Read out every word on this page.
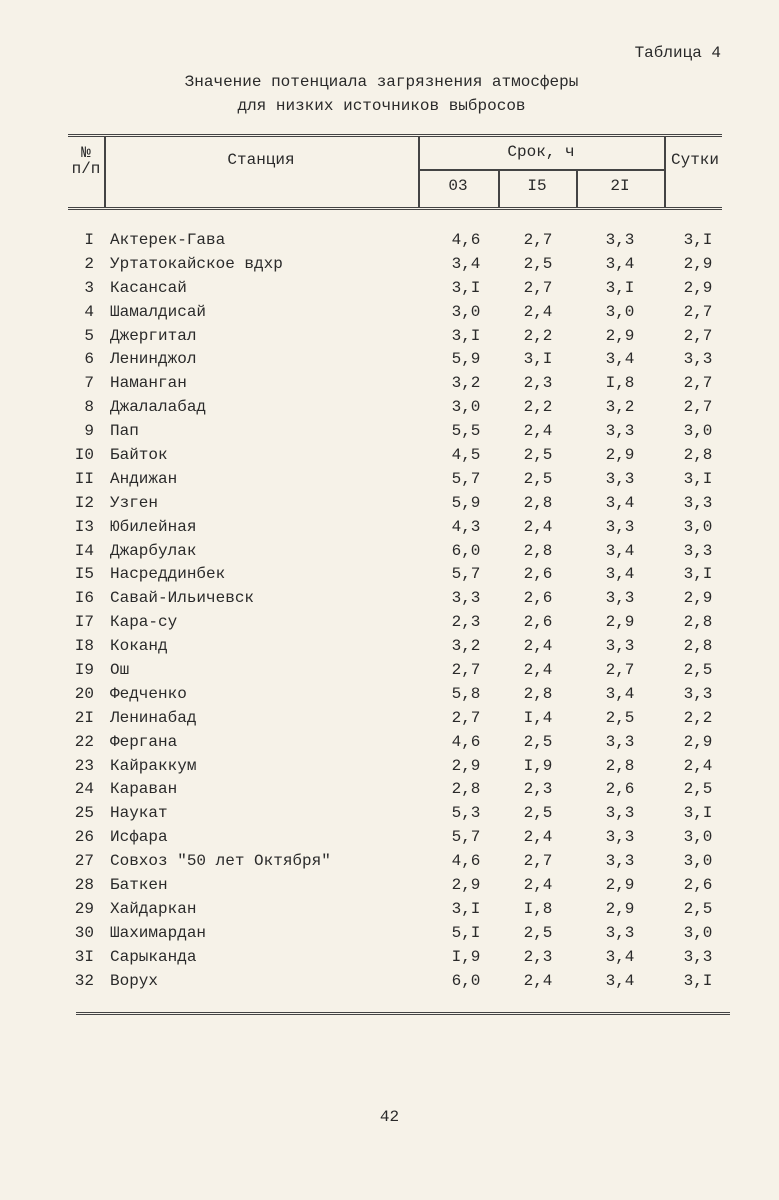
Таблица 4
Значение потенциала загрязнения атмосферы
для низких источников выбросов
№
п/п	Станция	Срок, ч
03	I5	2I
Сутки
I Актерек-Гава	4,6	2,7	3,3	3,I
2 Уртатокайское вдхр	3,4	2,5	3,4	2,9
3 Касансай	3,I	2,7	3,I	2,9
4 Шамалдисай	3,0	2,4	3,0	2,7
5 Джергитал	3,I	2,2	2,9	2,7
6 Ленинджол	5,9	3,I	3,4	3,3
7 Наманган	3,2	2,3	I,8	2,7
8 Джалалабад	3,0	2,2	3,2	2,7
9 Пап	5,5	2,4	3,3	3,0
I0 Байток	4,5	2,5	2,9	2,8
II Андижан	5,7	2,5	3,3	3,I
I2 Узген	5,9	2,8	3,4	3,3
I3 Юбилейная	4,3	2,4	3,3	3,0
I4 Джарбулак	6,0	2,8	3,4	3,3
I5 Насреддинбек	5,7	2,6	3,4	3,I
I6 Савай-Ильичевск	3,3	2,6	3,3	2,9
I7 Кара-су	2,3	2,6	2,9	2,8
I8 Коканд	3,2	2,4	3,3	2,8
I9 Ош	2,7	2,4	2,7	2,5
20 Федченко	5,8	2,8	3,4	3,3
2I Ленинабад	2,7	I,4	2,5	2,2
22 Фергана	4,6	2,5	3,3	2,9
23 Кайраккум	2,9	I,9	2,8	2,4
24 Караван	2,8	2,3	2,6	2,5
25 Наукат	5,3	2,5	3,3	3,I
26 Исфара	5,7	2,4	3,3	3,0
27 Совхоз "50 лет Октября"	4,6	2,7	3,3	3,0
28 Баткен	2,9	2,4	2,9	2,6
29 Хайдаркан	3,I	I,8	2,9	2,5
30 Шахимардан	5,I	2,5	3,3	3,0
3I Сарыканда	I,9	2,3	3,4	3,3
32 Ворух	6,0	2,4	3,4	3,I
42
